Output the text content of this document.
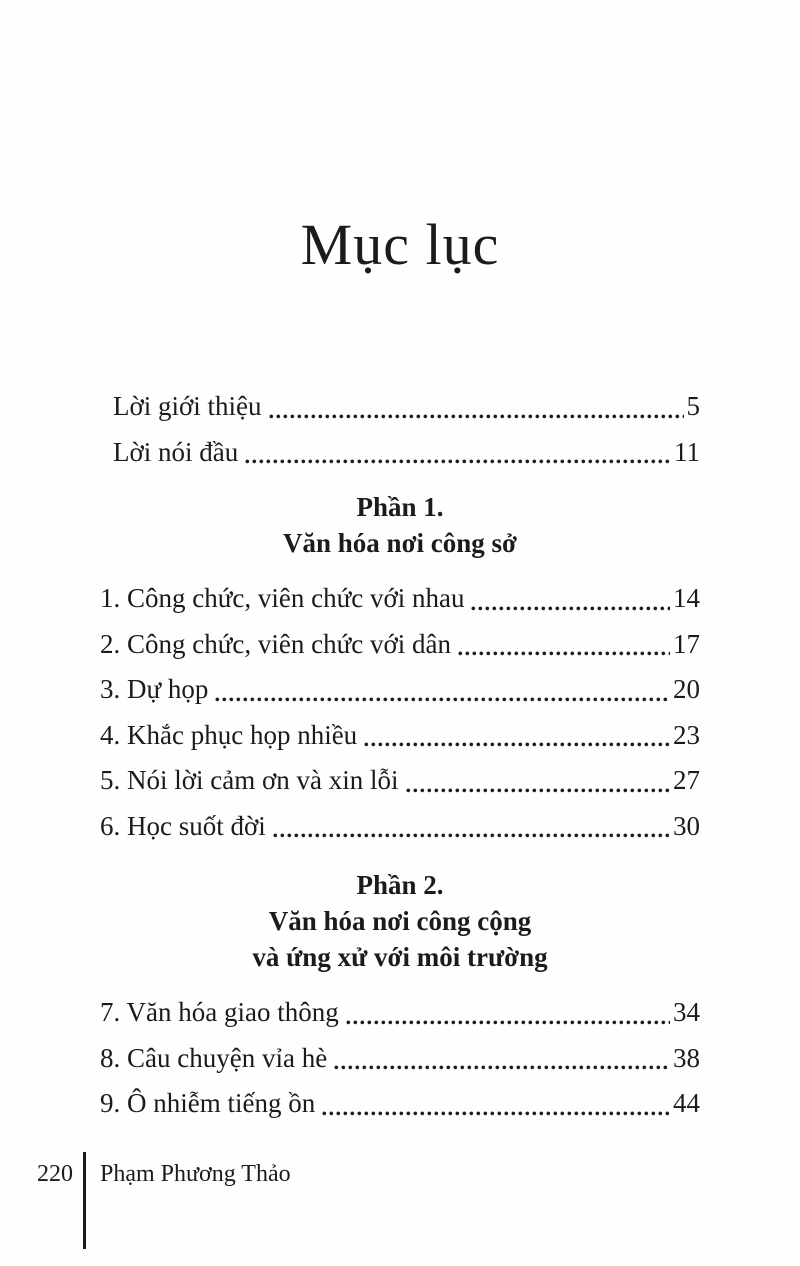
Mục lục
Lời giới thiệu	5
Lời nói đầu	11
Phần 1.
Văn hóa nơi công sở
1. Công chức, viên chức với nhau	14
2. Công chức, viên chức với dân	17
3. Dự họp	20
4. Khắc phục họp nhiều	23
5. Nói lời cảm ơn và xin lỗi	27
6. Học suốt đời	30
Phần 2.
Văn hóa nơi công cộng
và ứng xử với môi trường
7. Văn hóa giao thông	34
8. Câu chuyện vỉa hè	38
9. Ô nhiễm tiếng ồn	44
220 Phạm Phương Thảo
